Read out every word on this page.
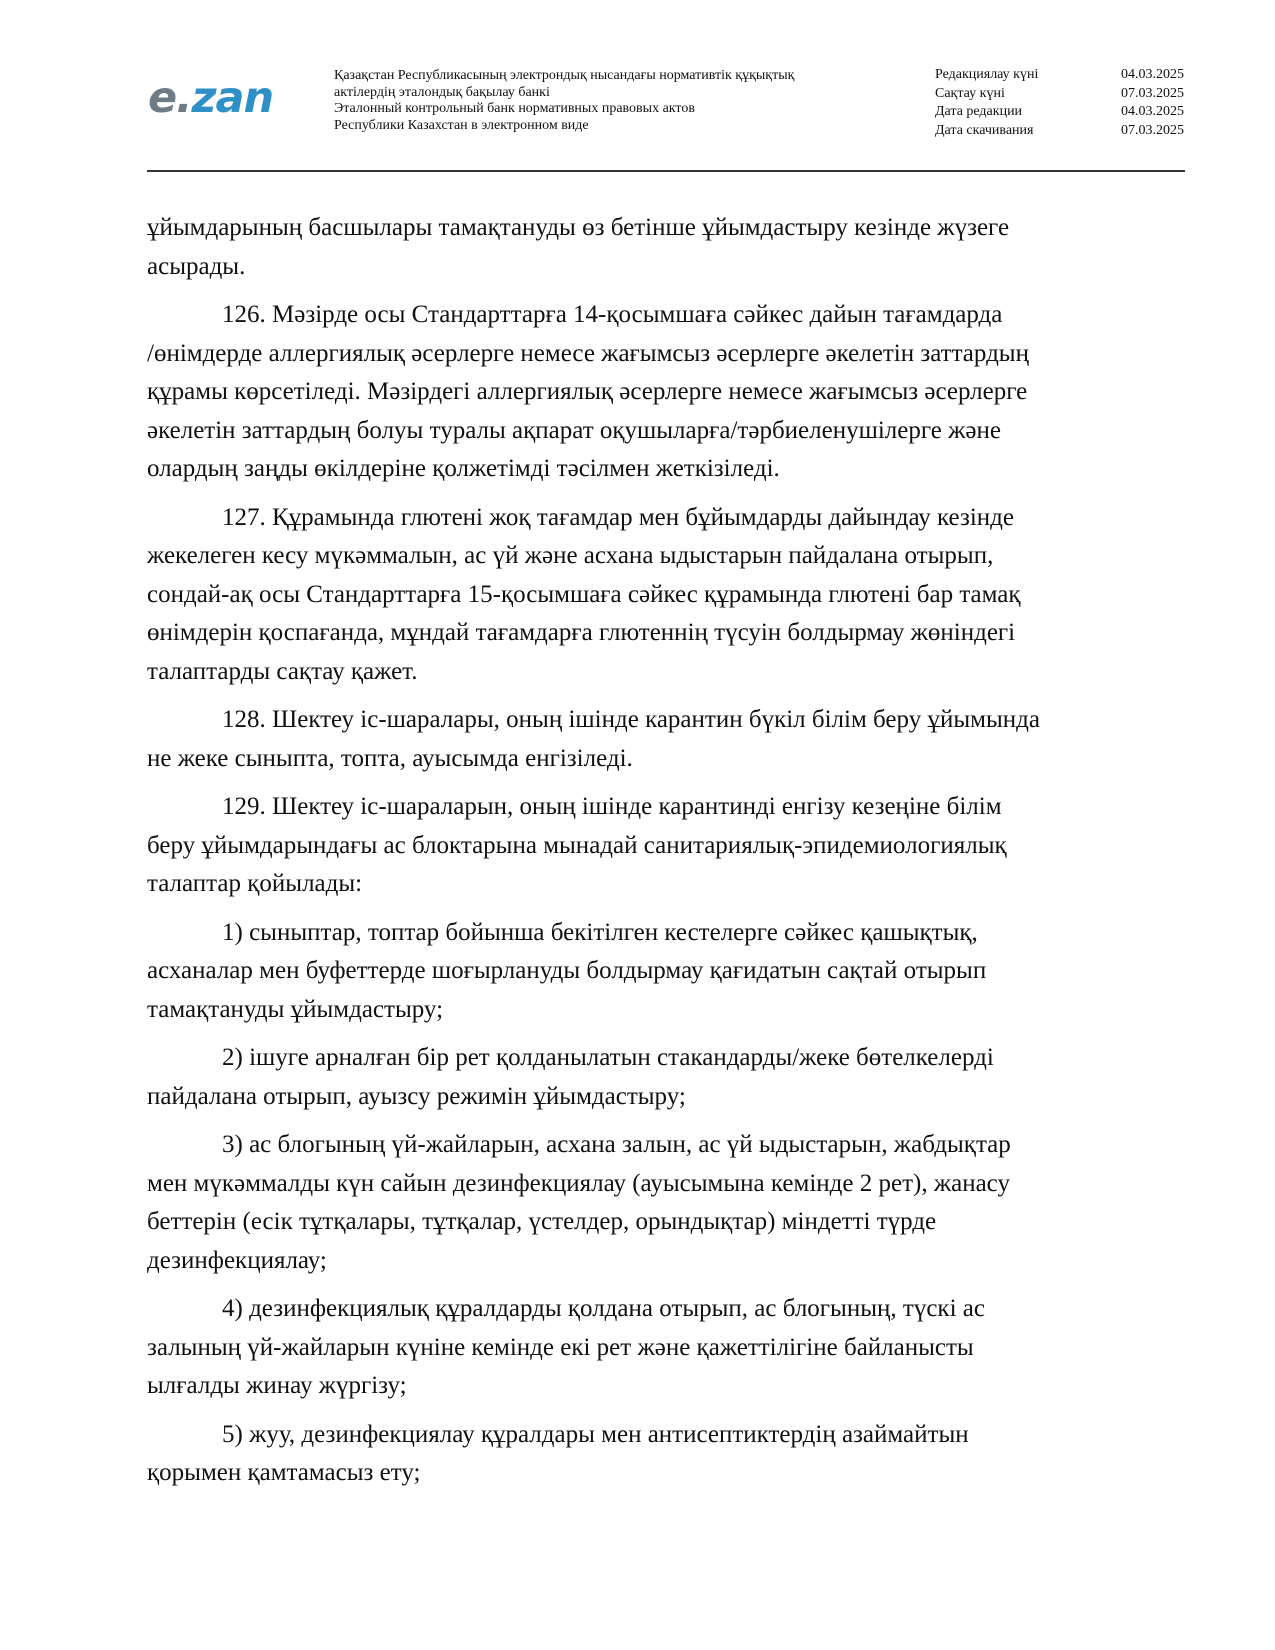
e.zan	Қазақстан Республикасының электрондық нысандағы нормативтік құқықтық
актілердің эталондық бақылау банкі
Эталонный контрольный банк нормативных правовых актов
Республики Казахстан в электронном виде
Редакциялау күні	04.03.2025
Сақтау күні	07.03.2025
Дата редакции	04.03.2025
Дата скачивания	07.03.2025
ұйымдарының басшылары тамақтануды өз бетінше ұйымдастыру кезінде жүзеге
асырады.
126. Мәзірде осы Стандарттарға 14-қосымшаға сәйкес дайын тағамдарда
/өнімдерде аллергиялық әсерлерге немесе жағымсыз әсерлерге әкелетін заттардың
құрамы көрсетіледі. Мәзірдегі аллергиялық әсерлерге немесе жағымсыз әсерлерге
әкелетін заттардың болуы туралы ақпарат оқушыларға/тәрбиеленушілерге және
олардың заңды өкілдеріне қолжетімді тәсілмен жеткізіледі.
127. Құрамында глютені жоқ тағамдар мен бұйымдарды дайындау кезінде
жекелеген кесу мүкәммалын, ас үй және асхана ыдыстарын пайдалана отырып,
сондай-ақ осы Стандарттарға 15-қосымшаға сәйкес құрамында глютені бар тамақ
өнімдерін қоспағанда, мұндай тағамдарға глютеннің түсуін болдырмау жөніндегі
талаптарды сақтау қажет.
128. Шектеу іс-шаралары, оның ішінде карантин бүкіл білім беру ұйымында
не жеке сыныпта, топта, ауысымда енгізіледі.
129. Шектеу іс-шараларын, оның ішінде карантинді енгізу кезеңіне білім
беру ұйымдарындағы ас блоктарына мынадай санитариялық-эпидемиологиялық
талаптар қойылады:
1) сыныптар, топтар бойынша бекітілген кестелерге сәйкес қашықтық,
асханалар мен буфеттерде шоғырлануды болдырмау қағидатын сақтай отырып
тамақтануды ұйымдастыру;
2) ішуге арналған бір рет қолданылатын стакандарды/жеке бөтелкелерді
пайдалана отырып, ауызсу режимін ұйымдастыру;
3) ас блогының үй-жайларын, асхана залын, ас үй ыдыстарын, жабдықтар
мен мүкәммалды күн сайын дезинфекциялау (ауысымына кемінде 2 рет), жанасу
беттерін (есік тұтқалары, тұтқалар, үстелдер, орындықтар) міндетті түрде
дезинфекциялау;
4) дезинфекциялық құралдарды қолдана отырып, ас блогының, түскі ас
залының үй-жайларын күніне кемінде екі рет және қажеттілігіне байланысты
ылғалды жинау жүргізу;
5) жуу, дезинфекциялау құралдары мен антисептиктердің азаймайтын
қорымен қамтамасыз ету;
